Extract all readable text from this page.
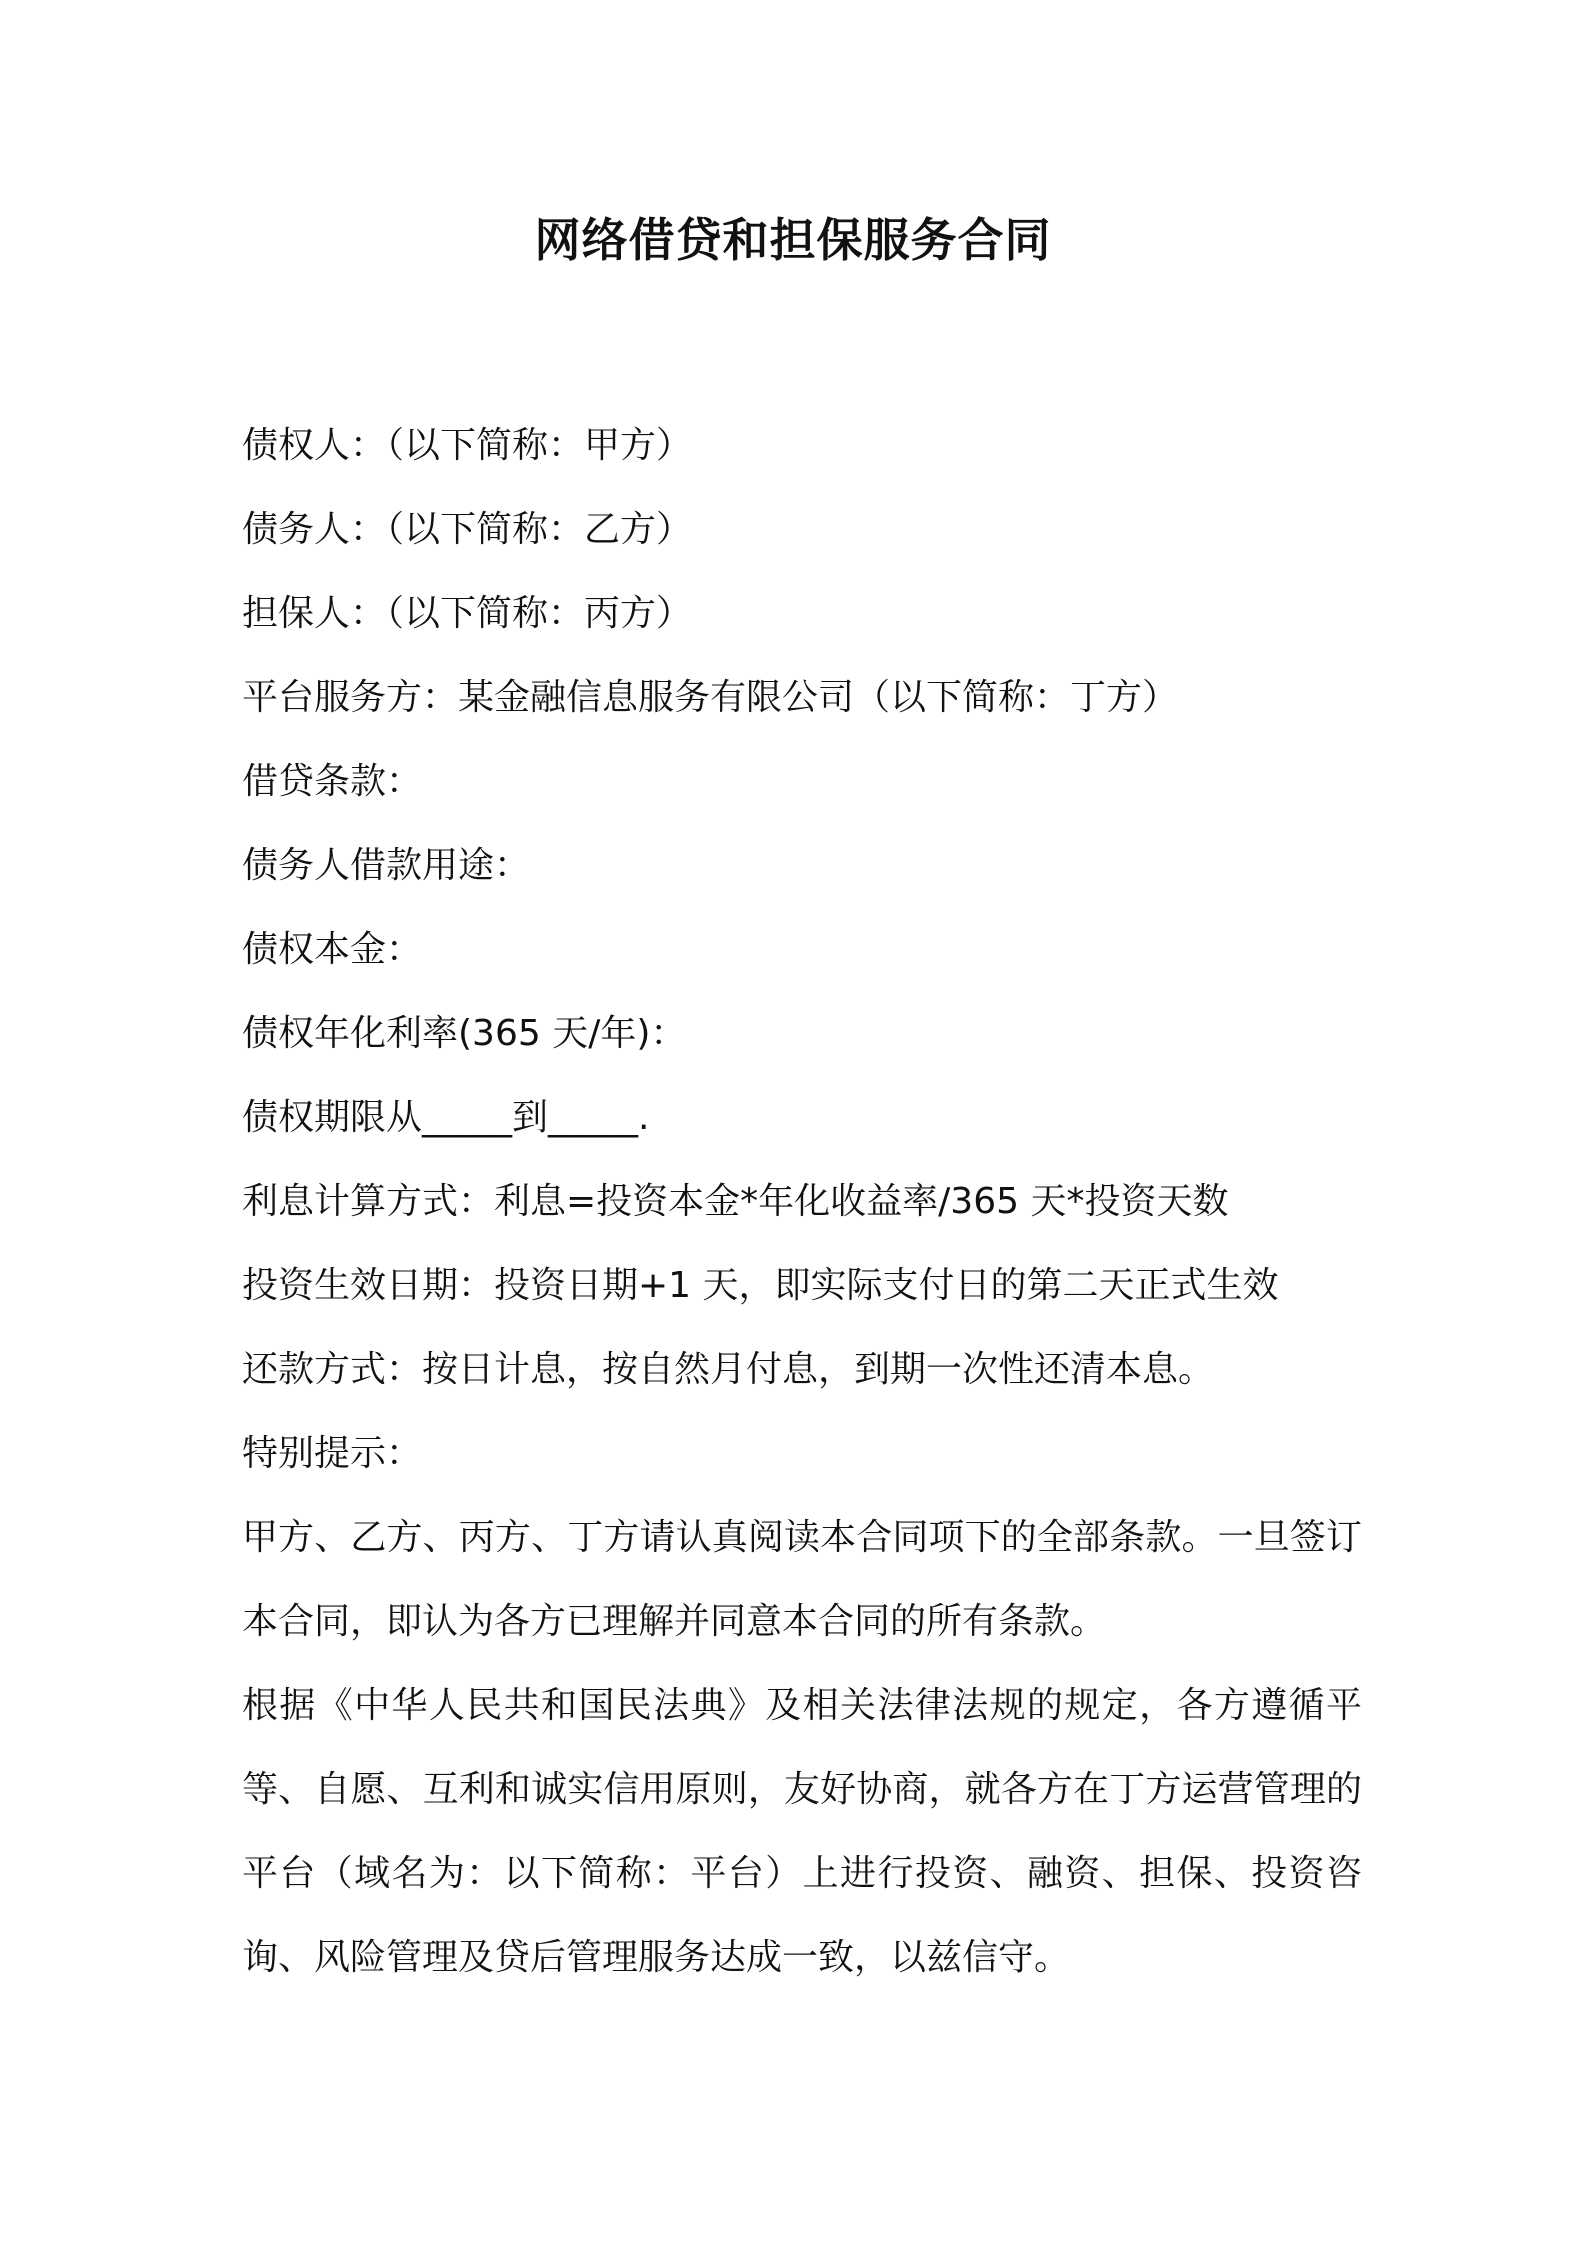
网络借贷和担保服务合同

债权人：（以下简称：甲方）

债务人：（以下简称：乙方）

担保人：（以下简称：丙方）

平台服务方：某金融信息服务有限公司（以下简称：丁方）

借贷条款：

债务人借款用途：

债权本金：

债权年化利率(365 天/年)：

债权期限从_____到_____.

利息计算方式：利息=投资本金*年化收益率/365 天*投资天数

投资生效日期：投资日期+1 天，即实际支付日的第二天正式生效

还款方式：按日计息，按自然月付息，到期一次性还清本息。

特别提示：

甲方、乙方、丙方、丁方请认真阅读本合同项下的全部条款。一旦签订本合同，即认为各方已理解并同意本合同的所有条款。

根据《中华人民共和国民法典》及相关法律法规的规定，各方遵循平等、自愿、互利和诚实信用原则，友好协商，就各方在丁方运营管理的平台（域名为：以下简称：平台）上进行投资、融资、担保、投资咨询、风险管理及贷后管理服务达成一致，以兹信守。
